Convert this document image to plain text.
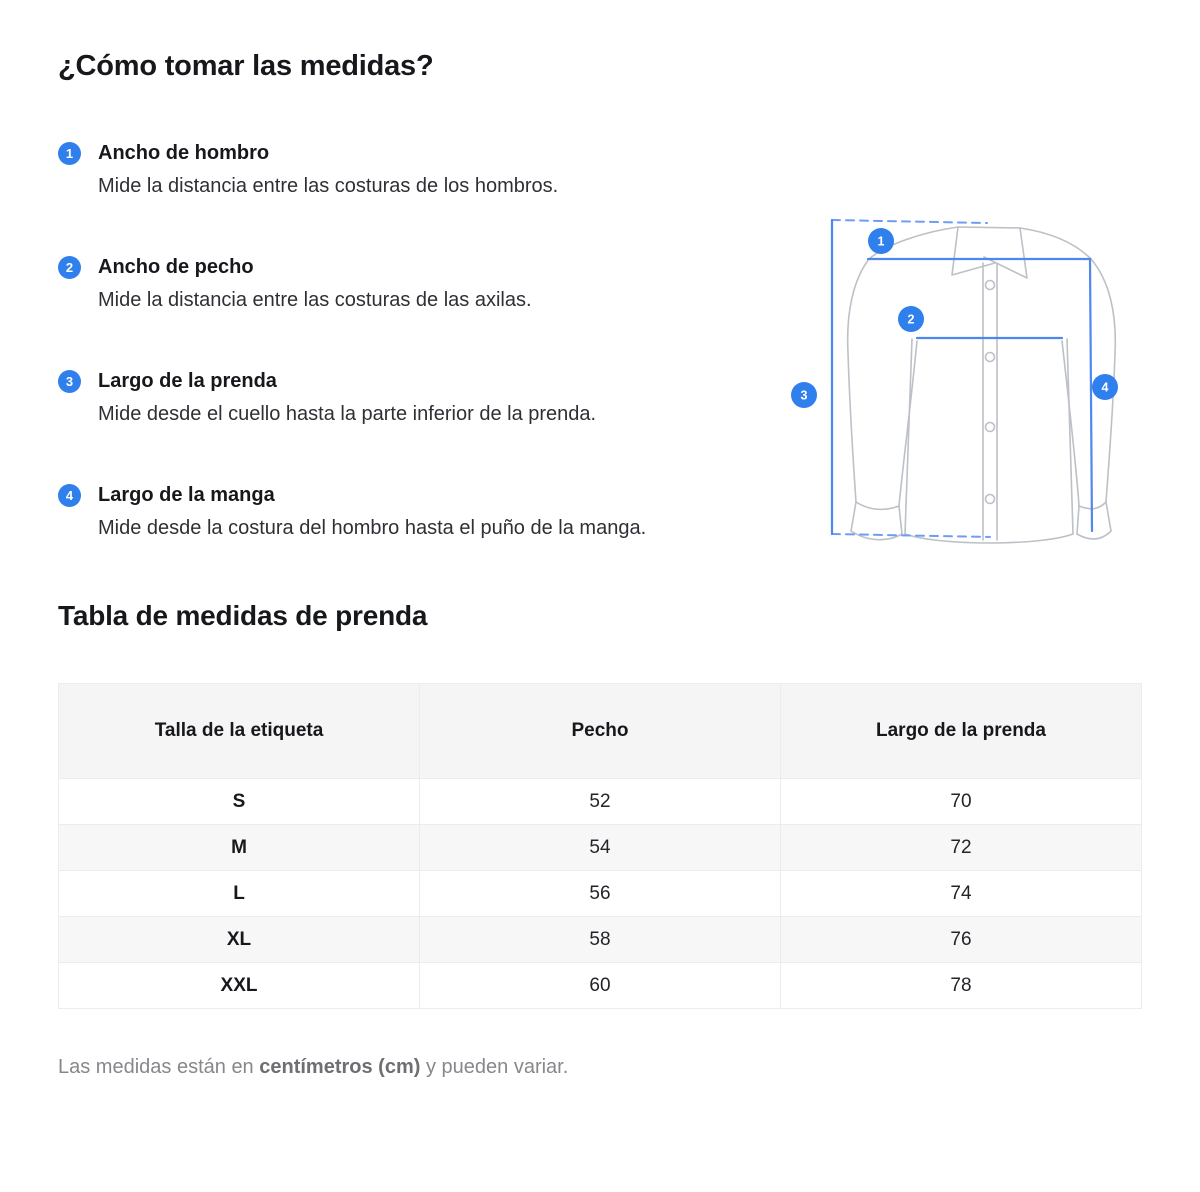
¿Cómo tomar las medidas?
1	Ancho de hombro
Mide la distancia entre las costuras de los hombros.
2	Ancho de pecho
Mide la distancia entre las costuras de las axilas.
3	Largo de la prenda
Mide desde el cuello hasta la parte inferior de la prenda.
4	Largo de la manga
Mide desde la costura del hombro hasta el puño de la manga.
1
2
3
4
Tabla de medidas de prenda
Talla de la etiqueta	Pecho	Largo de la prenda
S	52	70
M	54	72
L	56	74
XL	58	76
XXL	60	78

Las medidas están en centímetros (cm) y pueden variar.
